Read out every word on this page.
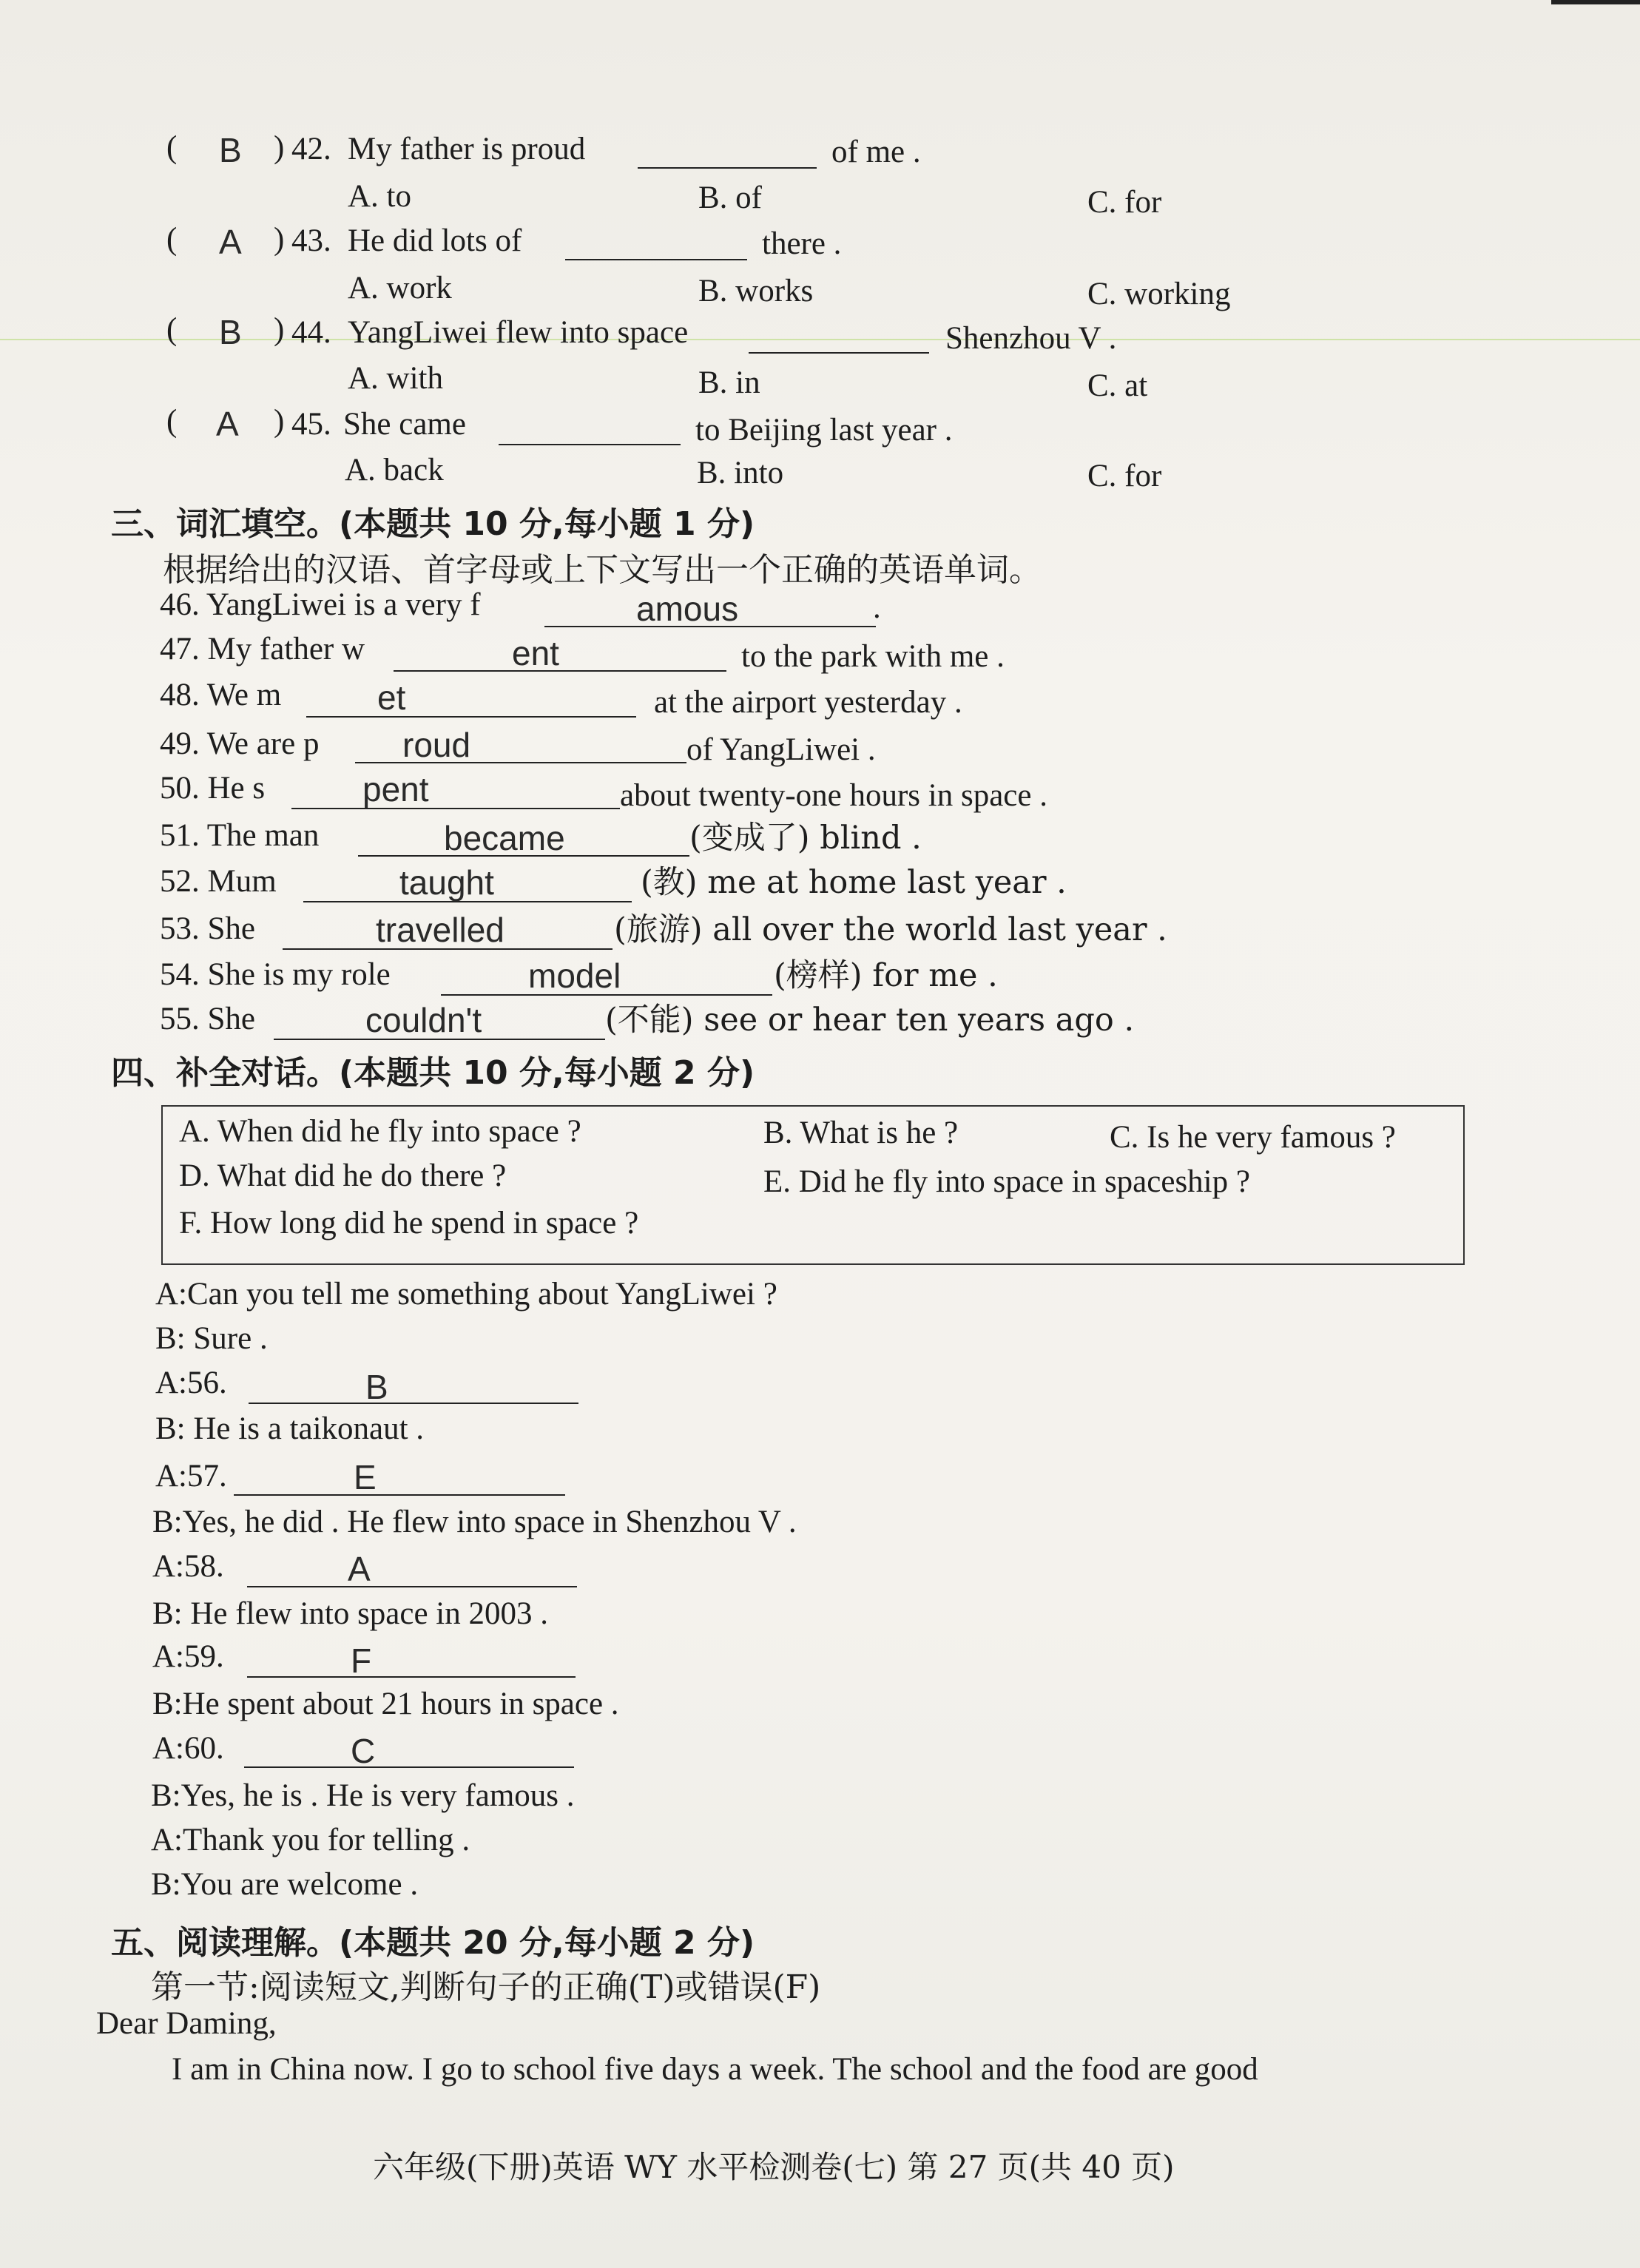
( B ) 42. My father is proud	of me .
A. to	B. of	C. for
( A ) 43. He did lots of	there .
A. work	B. works	C. working
( B ) 44. YangLiwei flew into space	Shenzhou V .
A. with	B. in	C. at
( A ) 45. She came	to Beijing last year .
A. back	B. into	C. for
三、词汇填空。(本题共 10 分,每小题 1 分)
根据给出的汉语、首字母或上下文写出一个正确的英语单词。
46. YangLiwei is a very f	amous	.
47. My father w	ent	to the park with me .
48. We m	et	at the airport yesterday .
49. We are p roud	of YangLiwei .
50. He s	pent	about twenty-one hours in space .
51. The man	became	(变成了) blind .
52. Mum	taught	(教) me at home last year .
53. She	travelled	(旅游) all over the world last year .
54. She is my role	model	(榜样) for me .
55. She	couldn't	(不能) see or hear ten years ago .
四、补全对话。(本题共 10 分,每小题 2 分)
A. When did he fly into space ?	B. What is he ?	C. Is he very famous ?
D. What did he do there ?	E. Did he fly into space in spaceship ?
F. How long did he spend in space ?
A:Can you tell me something about YangLiwei ?
B: Sure .
A:56.	B
B: He is a taikonaut .
A:57.	E
B:Yes, he did . He flew into space in Shenzhou V .
A:58.	A
B: He flew into space in 2003 .
A:59.	F
B:He spent about 21 hours in space .
A:60.	C
B:Yes, he is . He is very famous .
A:Thank you for telling .
B:You are welcome .
五、阅读理解。(本题共 20 分,每小题 2 分)
第一节:阅读短文,判断句子的正确(T)或错误(F)
Dear Daming,
I am in China now. I go to school five days a week. The school and the food are good
六年级(下册)英语 WY 水平检测卷(七) 第 27 页(共 40 页)
